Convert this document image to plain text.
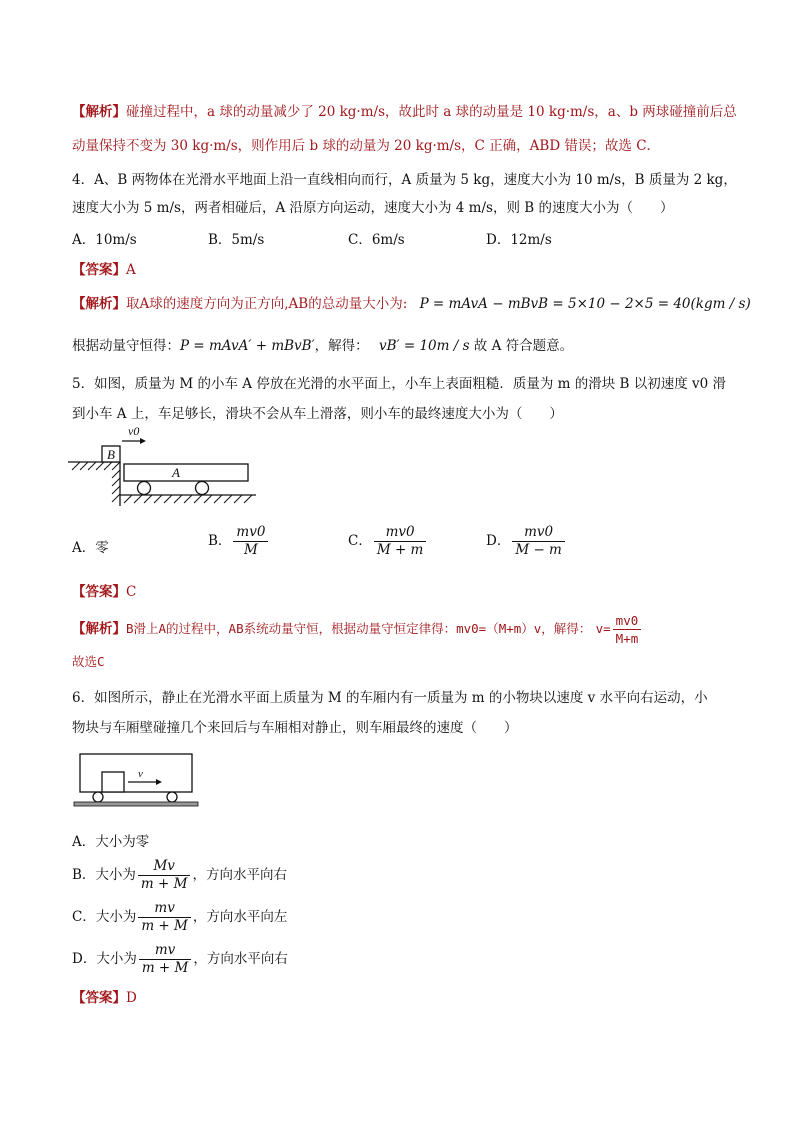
【解析】碰撞过程中，a 球的动量减少了 20 kg·m/s，故此时 a 球的动量是 10 kg·m/s，a、b 两球碰撞前后总
动量保持不变为 30 kg·m/s，则作用后 b 球的动量为 20 kg·m/s，C 正确，ABD 错误；故选 C．
4．A、B 两物体在光滑水平地面上沿一直线相向而行，A 质量为 5 kg，速度大小为 10 m/s，B 质量为 2 kg，
速度大小为 5 m/s，两者相碰后，A 沿原方向运动，速度大小为 4 m/s，则 B 的速度大小为（　　）
A．10m/s	B．5m/s	C．6m/s	D．12m/s
【答案】A
【解析】取A球的速度方向为正方向,AB的总动量大小为: P = mAvA − mBvB = 5×10 − 2×5 = 40(kgm / s)
根据动量守恒得：P = mAvA′ + mBvB′，解得： vB′ = 10m / s 故 A 符合题意。
5．如图，质量为 M 的小车 A 停放在光滑的水平面上，小车上表面粗糙．质量为 m 的滑块 B 以初速度 v0 滑
到小车 A 上，车足够长，滑块不会从车上滑落，则小车的最终速度大小为（　　）
B
v0
A
A．零	B． $\frac{mv0}{M}$	C． $\frac{mv0}{M + m}$	D． $\frac{mv0}{M - m}$
【答案】C
【解析】B滑上A的过程中，AB系统动量守恒，根据动量守恒定律得：mv0=（M+m）v，解得： $v= \frac{mv0}{M+m}$
故选C
6．如图所示，静止在光滑水平面上质量为 M 的车厢内有一质量为 m 的小物块以速度 v 水平向右运动，小
物块与车厢壁碰撞几个来回后与车厢相对静止，则车厢最终的速度（　　）
v
A．大小为零
B．大小为 $\frac{Mv}{m + M}$ ，方向水平向右
C．大小为 $\frac{mv}{m + M}$ ，方向水平向左
D．大小为 $\frac{mv}{m + M}$ ，方向水平向右
【答案】D
